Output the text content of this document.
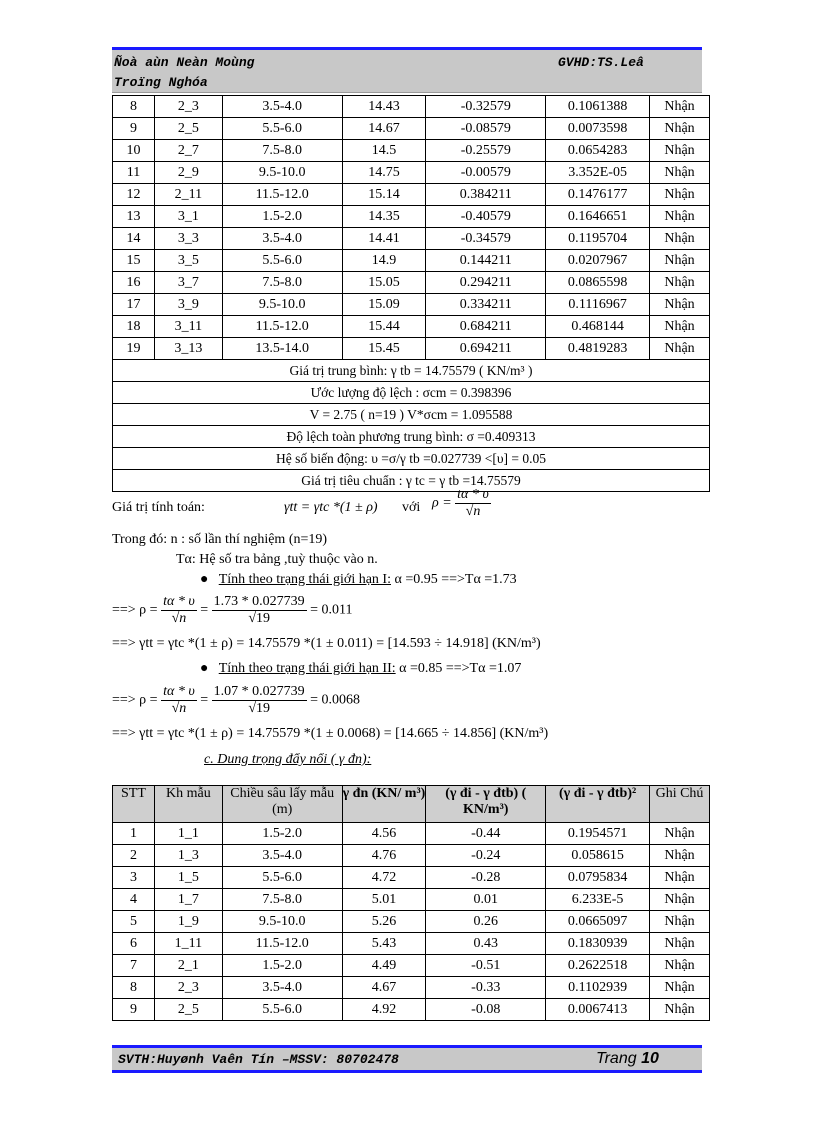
Ñoà aùn Neàn Moùng
Troïng Nghóa
GVHD:TS.Leâ
8	2_3	3.5-4.0	14.43	-0.32579	0.1061388	Nhận
9	2_5	5.5-6.0	14.67	-0.08579	0.0073598	Nhận
10	2_7	7.5-8.0	14.5	-0.25579	0.0654283	Nhận
11	2_9	9.5-10.0	14.75	-0.00579	3.352E-05	Nhận
12	2_11	11.5-12.0	15.14	0.384211	0.1476177	Nhận
13	3_1	1.5-2.0	14.35	-0.40579	0.1646651	Nhận
14	3_3	3.5-4.0	14.41	-0.34579	0.1195704	Nhận
15	3_5	5.5-6.0	14.9	0.144211	0.0207967	Nhận
16	3_7	7.5-8.0	15.05	0.294211	0.0865598	Nhận
17	3_9	9.5-10.0	15.09	0.334211	0.1116967	Nhận
18	3_11	11.5-12.0	15.44	0.684211	0.468144	Nhận
19	3_13	13.5-14.0	15.45	0.694211	0.4819283	Nhận
Giá trị trung bình: γ tb = 14.75579 ( KN/m³ )						
Ước lượng độ lệch : σcm = 0.398396						
V = 2.75 ( n=19 ) V*σcm = 1.095588						
Độ lệch toàn phương trung bình: σ =0.409313						
Hệ số biến động: υ =σ/γ tb =0.027739 <[υ] = 0.05						
Giá trị tiêu chuẩn : γ tc = γ tb =14.75579						
Giá trị tính toán:	γtt = γtc *(1 ± ρ) với $\rho = \frac{t\alpha * \upsilon}{√n}$
Trong đó: n : số lần thí nghiệm (n=19)
Tα: Hệ số tra bảng ,tuỳ thuộc vào n.
● Tính theo trạng thái giới hạn I: α =0.95 ==>Tα =1.73
==> $\rho = \frac{t\alpha * \upsilon}{√n} = \frac{1.73 * 0.027739}{√19} = 0.011$
==> γtt = γtc *(1 ± ρ) = 14.75579 *(1 ± 0.011) = [14.593 ÷ 14.918] (KN/m³)
● Tính theo trạng thái giới hạn II: α =0.85 ==>Tα =1.07
==> $\rho = \frac{t\alpha * \upsilon}{√n} = \frac{1.07 * 0.027739}{√19} = 0.0068$
==> γtt = γtc *(1 ± ρ) = 14.75579 *(1 ± 0.0068) = [14.665 ÷ 14.856] (KN/m³)
c. Dung trọng đẩy nổi ( γ đn):
STT	Kh mẫu	Chiều sâu lấy mẫu (m)	γ đn (KN/ m³)	(γ đi - γ đtb) ( KN/m³)	(γ đi - γ đtb)²	Ghi Chú
1	1_1	1.5-2.0	4.56	-0.44	0.1954571	Nhận
2	1_3	3.5-4.0	4.76	-0.24	0.058615	Nhận
3	1_5	5.5-6.0	4.72	-0.28	0.0795834	Nhận
4	1_7	7.5-8.0	5.01	0.01	6.233E-5	Nhận
5	1_9	9.5-10.0	5.26	0.26	0.0665097	Nhận
6	1_11	11.5-12.0	5.43	0.43	0.1830939	Nhận
7	2_1	1.5-2.0	4.49	-0.51	0.2622518	Nhận
8	2_3	3.5-4.0	4.67	-0.33	0.1102939	Nhận
9	2_5	5.5-6.0	4.92	-0.08	0.0067413	Nhận
SVTH:Huyønh Vaên Tín –MSSV: 80702478	Trang 10
